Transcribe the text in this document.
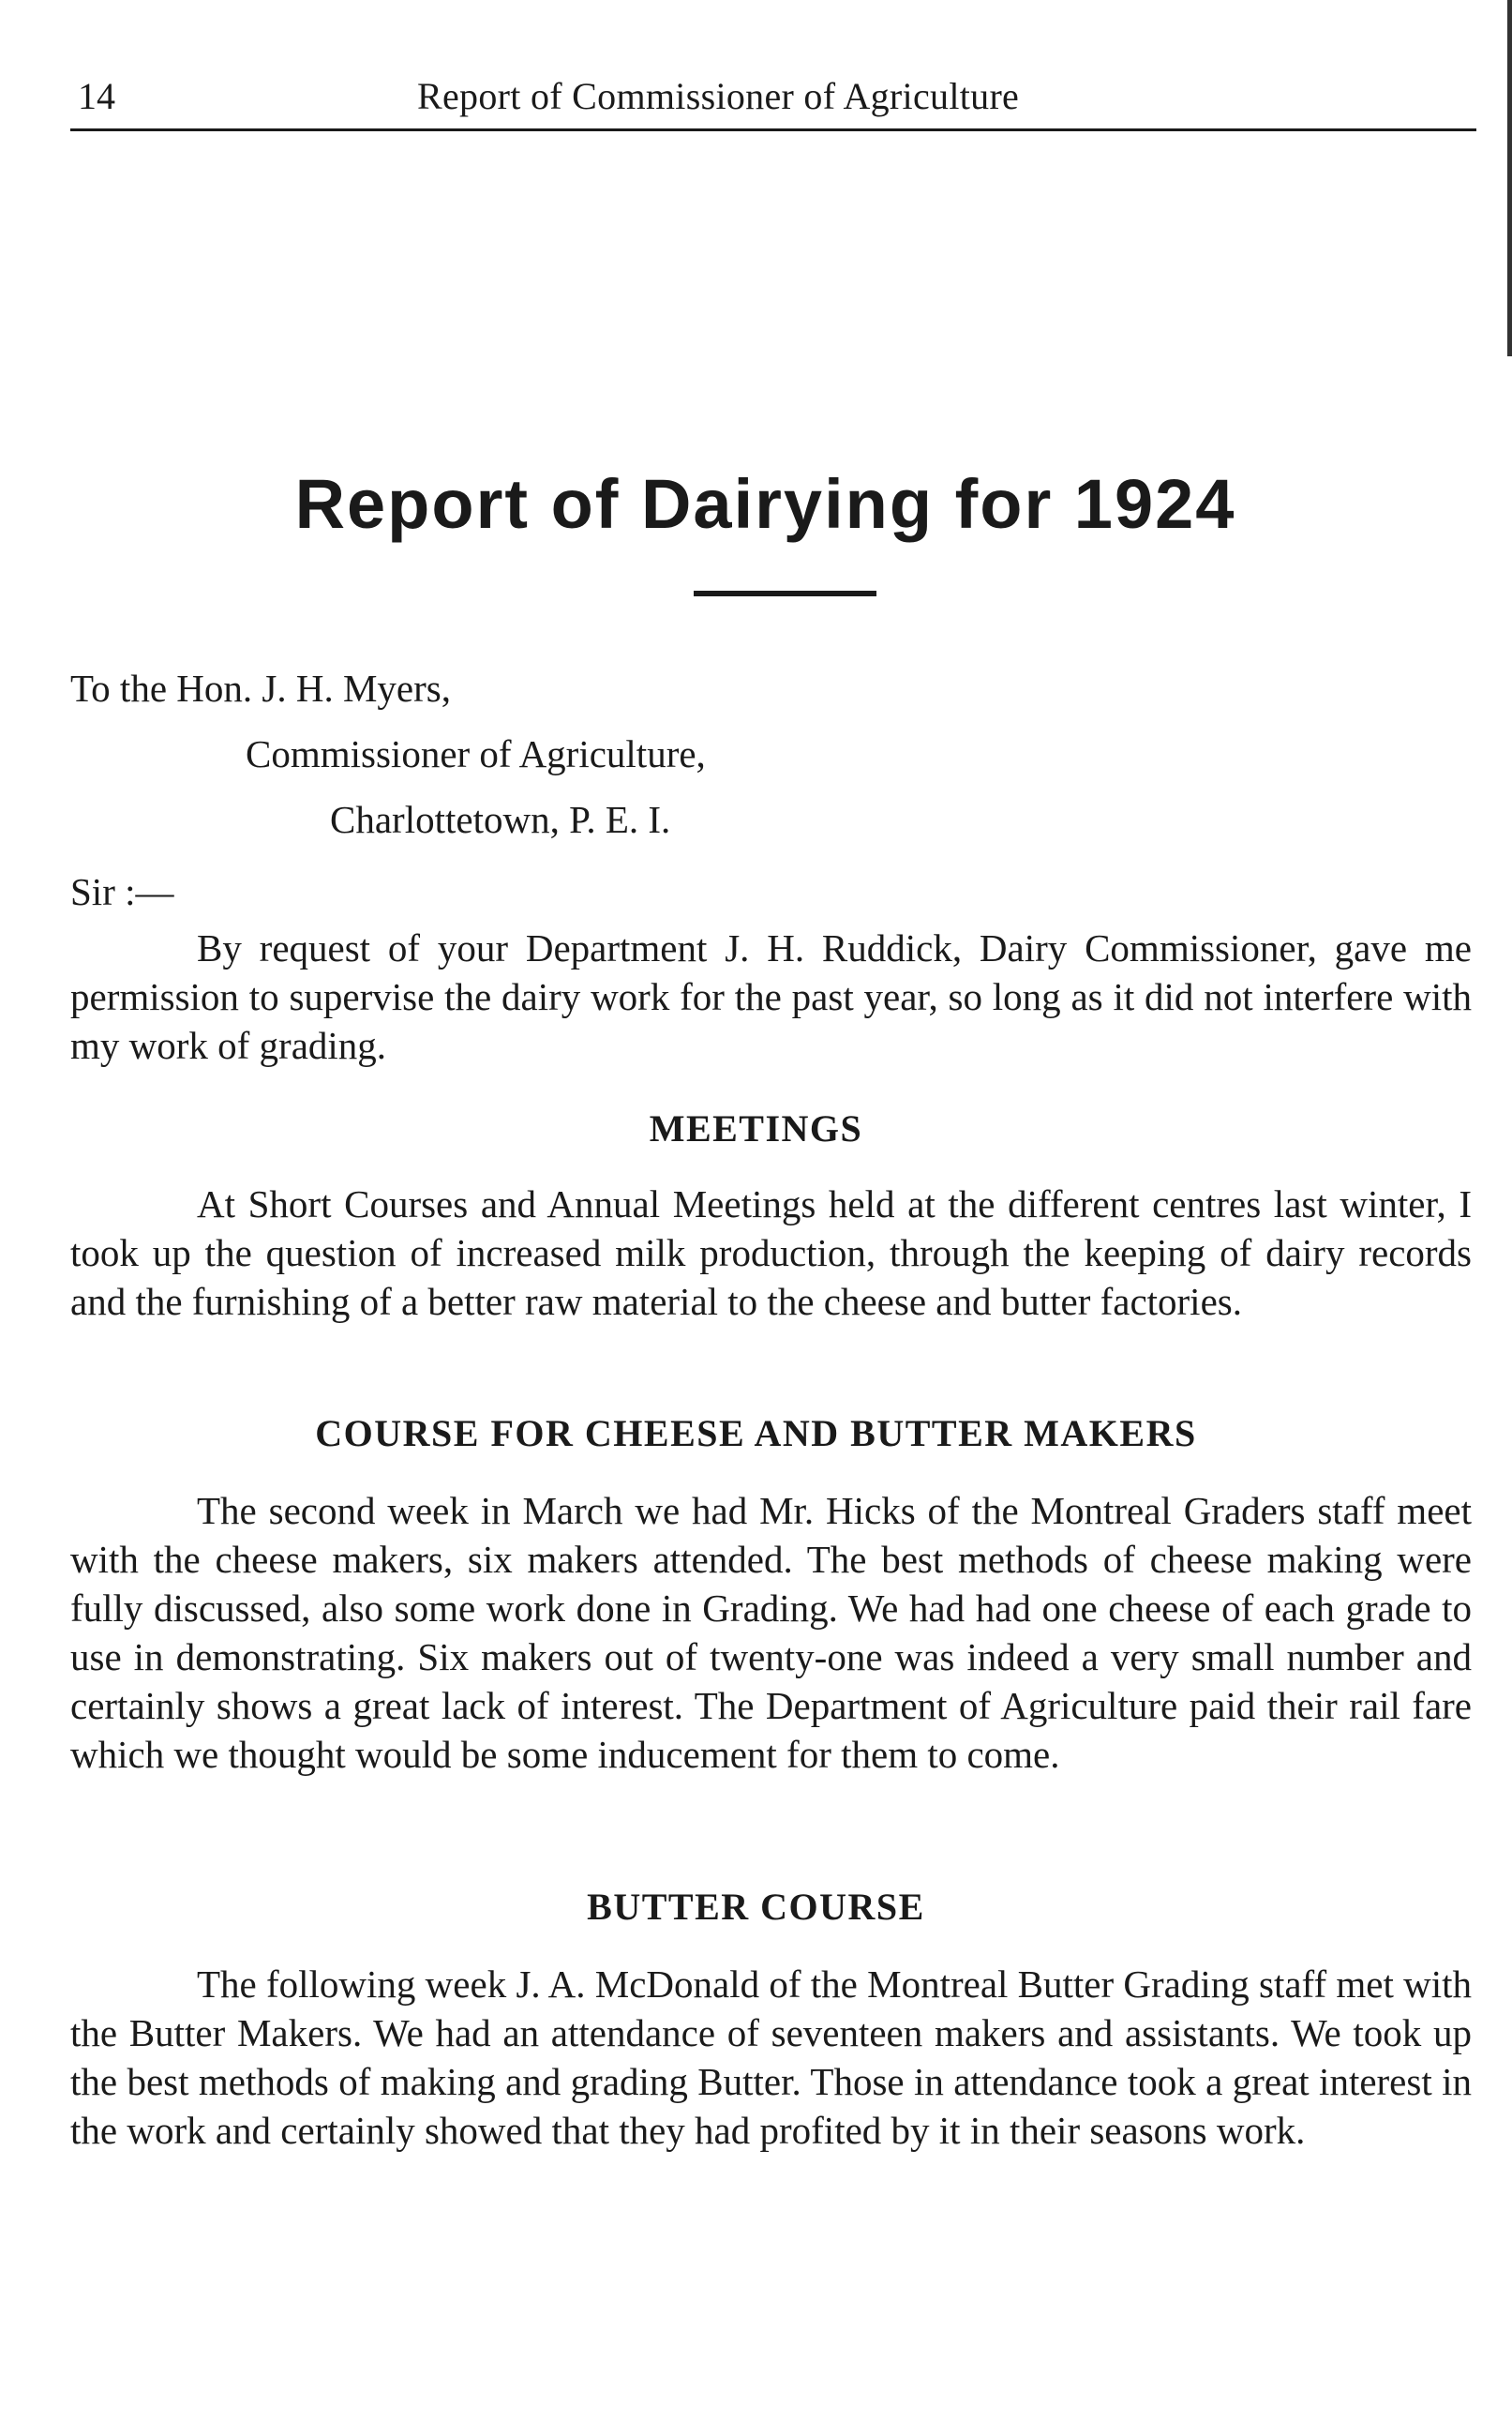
14	Report of Commissioner of Agriculture
Report of Dairying for 1924
To the Hon. J. H. Myers,
Commissioner of Agriculture,
Charlottetown, P. E. I.
Sir :—

By request of your Department J. H. Ruddick, Dairy Commissioner, gave me permission to supervise the dairy work for the past year, so long as it did not interfere with my work of grading.

MEETINGS

At Short Courses and Annual Meetings held at the different centres last winter, I took up the question of increased milk production, through the keeping of dairy records and the furnishing of a better raw material to the cheese and butter factories.

COURSE FOR CHEESE AND BUTTER MAKERS

The second week in March we had Mr. Hicks of the Montreal Graders staff meet with the cheese makers, six makers attended. The best methods of cheese making were fully discussed, also some work done in Grading. We had had one cheese of each grade to use in demonstrating. Six makers out of twenty-one was indeed a very small number and certainly shows a great lack of interest. The Department of Agriculture paid their rail fare which we thought would be some inducement for them to come.

BUTTER COURSE

The following week J. A. McDonald of the Montreal Butter Grading staff met with the Butter Makers. We had an attendance of seventeen makers and assistants. We took up the best methods of making and grading Butter. Those in attendance took a great interest in the work and certainly showed that they had profited by it in their seasons work.
